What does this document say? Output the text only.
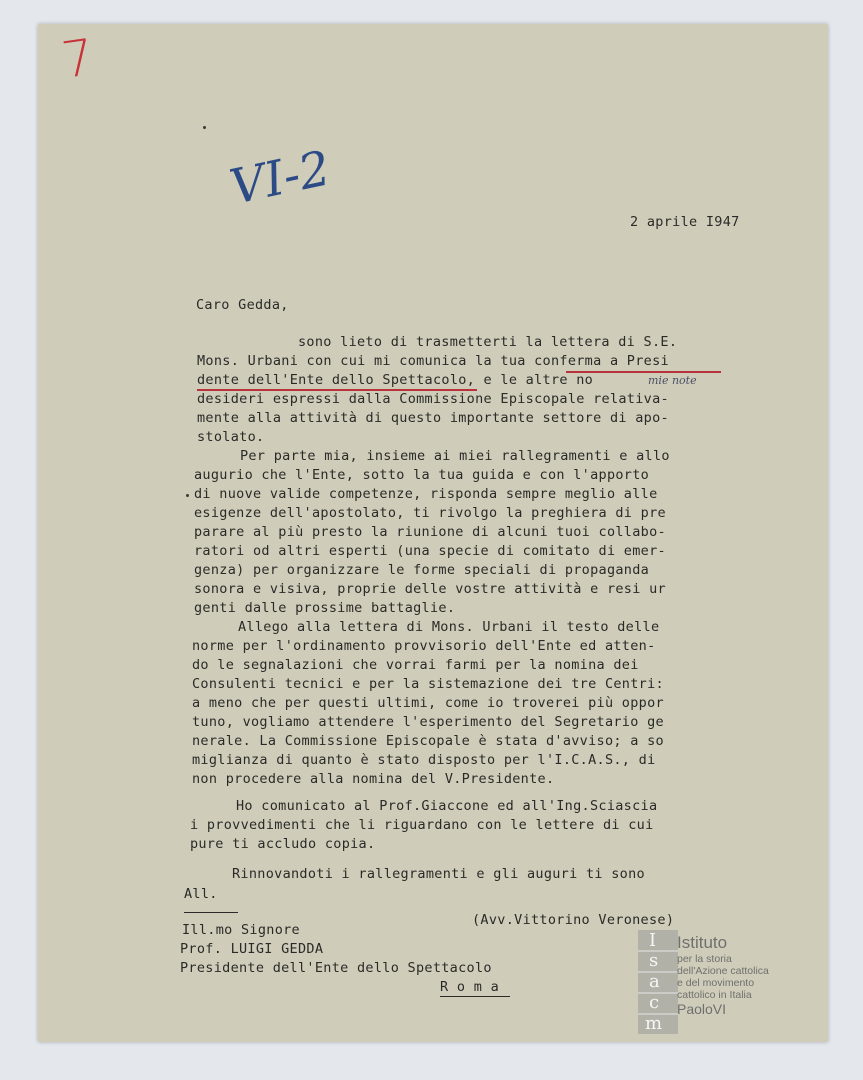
7
VI-2
2 aprile I947
Caro Gedda,
sono lieto di trasmetterti la lettera di S.E.
Mons. Urbani con cui mi comunica la tua conferma a Presi
dente dell'Ente dello Spettacolo, e le altre no	mie note
desideri espressi dalla Commissione Episcopale relativa-
mente alla attività di questo importante settore di apo-
stolato.
Per parte mia, insieme ai miei rallegramenti e allo
augurio che l'Ente, sotto la tua guida e con l'apporto
di nuove valide competenze, risponda sempre meglio alle
esigenze dell'apostolato, ti rivolgo la preghiera di pre
parare al più presto la riunione di alcuni tuoi collabo-
ratori od altri esperti (una specie di comitato di emer-
genza) per organizzare le forme speciali di propaganda
sonora e visiva, proprie delle vostre attività e resi ur
genti dalle prossime battaglie.
Allego alla lettera di Mons. Urbani il testo delle
norme per l'ordinamento provvisorio dell'Ente ed atten-
do le segnalazioni che vorrai farmi per la nomina dei
Consulenti tecnici e per la sistemazione dei tre Centri:
a meno che per questi ultimi, come io troverei più oppor
tuno, vogliamo attendere l'esperimento del Segretario ge
nerale. La Commissione Episcopale è stata d'avviso; a so
miglianza di quanto è stato disposto per l'I.C.A.S., di
non procedere alla nomina del V.Presidente.
Ho comunicato al Prof.Giaccone ed all'Ing.Sciascia
i provvedimenti che li riguardano con le lettere di cui
pure ti accludo copia.
Rinnovandoti i rallegramenti e gli auguri ti sono
All.
(Avv.Vittorino Veronese)
Ill.mo Signore
Prof. LUIGI GEDDA
Presidente dell'Ente dello Spettacolo
R o m a
I
s
a
c
m
Istituto
per la storia
dell'Azione cattolica
e del movimento
cattolico in Italia
PaoloVI
